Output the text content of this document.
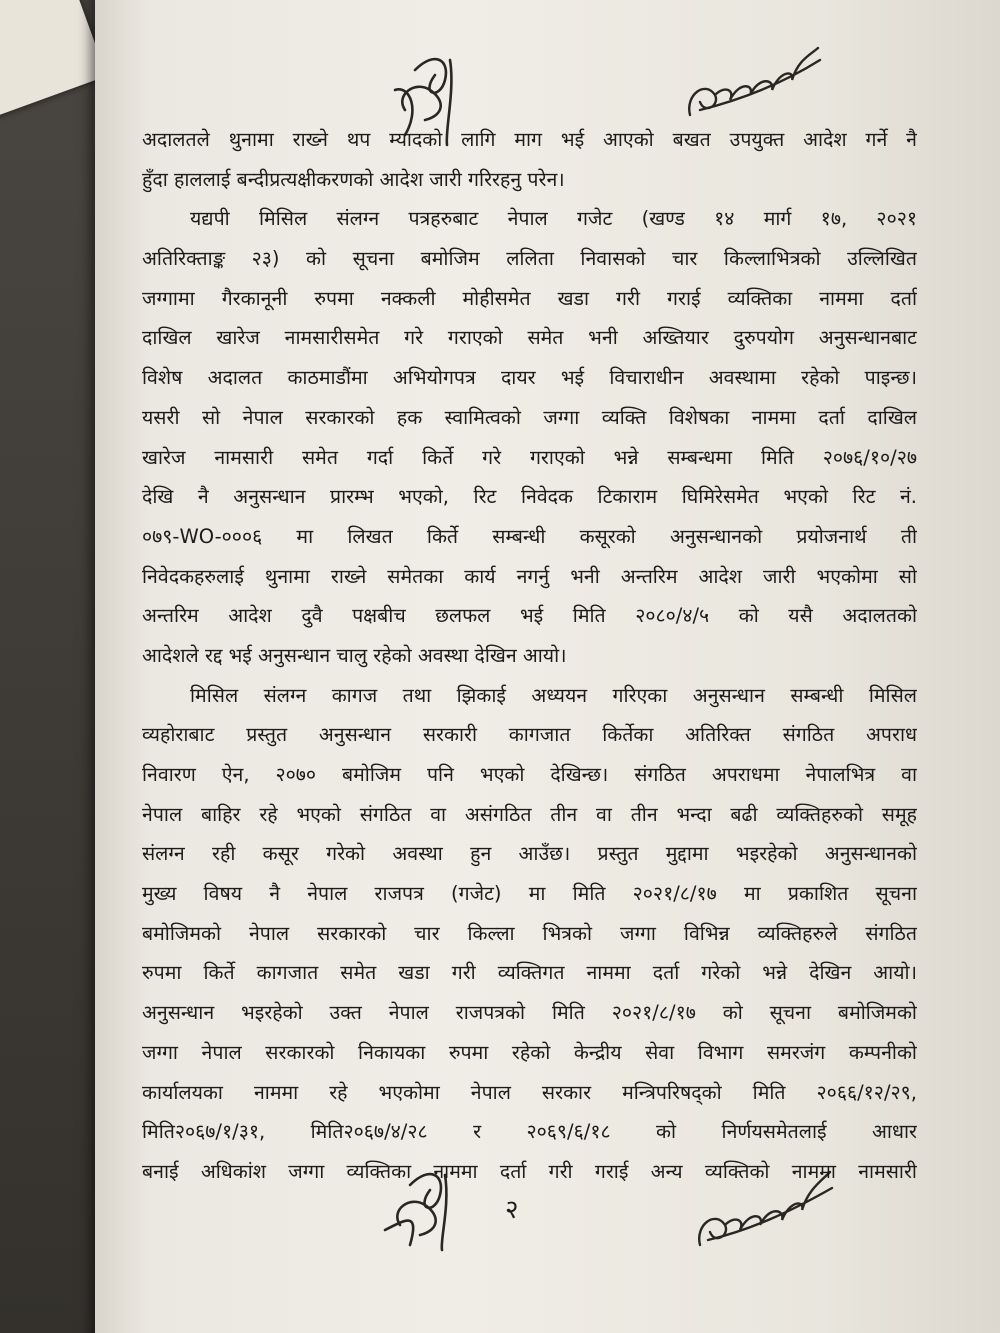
अदालतले थुनामा राख्ने थप म्यादको लागि माग भई आएको बखत उपयुक्त आदेश गर्ने नै
हुँदा हाललाई बन्दीप्रत्यक्षीकरणको आदेश जारी गरिरहनु परेन।
यद्यपी मिसिल संलग्न पत्रहरुबाट नेपाल गजेट (खण्ड १४ मार्ग १७, २०२१
अतिरिक्ताङ्क २३) को सूचना बमोजिम ललिता निवासको चार किल्लाभित्रको उल्लिखित
जग्गामा गैरकानूनी रुपमा नक्कली मोहीसमेत खडा गरी गराई व्यक्तिका नाममा दर्ता
दाखिल खारेज नामसारीसमेत गरे गराएको समेत भनी अख्तियार दुरुपयोग अनुसन्धानबाट
विशेष अदालत काठमाडौंमा अभियोगपत्र दायर भई विचाराधीन अवस्थामा रहेको पाइन्छ।
यसरी सो नेपाल सरकारको हक स्वामित्वको जग्गा व्यक्ति विशेषका नाममा दर्ता दाखिल
खारेज नामसारी समेत गर्दा किर्ते गरे गराएको भन्ने सम्बन्धमा मिति २०७६/१०/२७
देखि नै अनुसन्धान प्रारम्भ भएको, रिट निवेदक टिकाराम घिमिरेसमेत भएको रिट नं.
०७९-WO-०००६ मा लिखत किर्ते सम्बन्धी कसूरको अनुसन्धानको प्रयोजनार्थ ती
निवेदकहरुलाई थुनामा राख्ने समेतका कार्य नगर्नु भनी अन्तरिम आदेश जारी भएकोमा सो
अन्तरिम आदेश दुवै पक्षबीच छलफल भई मिति २०८०/४/५ को यसै अदालतको
आदेशले रद्द भई अनुसन्धान चालु रहेको अवस्था देखिन आयो।
मिसिल संलग्न कागज तथा झिकाई अध्ययन गरिएका अनुसन्धान सम्बन्धी मिसिल
व्यहोराबाट प्रस्तुत अनुसन्धान सरकारी कागजात किर्तेका अतिरिक्त संगठित अपराध
निवारण ऐन, २०७० बमोजिम पनि भएको देखिन्छ। संगठित अपराधमा नेपालभित्र वा
नेपाल बाहिर रहे भएको संगठित वा असंगठित तीन वा तीन भन्दा बढी व्यक्तिहरुको समूह
संलग्न रही कसूर गरेको अवस्था हुन आउँछ। प्रस्तुत मुद्दामा भइरहेको अनुसन्धानको
मुख्य विषय नै नेपाल राजपत्र (गजेट) मा मिति २०२१/८/१७ मा प्रकाशित सूचना
बमोजिमको नेपाल सरकारको चार किल्ला भित्रको जग्गा विभिन्न व्यक्तिहरुले संगठित
रुपमा किर्ते कागजात समेत खडा गरी व्यक्तिगत नाममा दर्ता गरेको भन्ने देखिन आयो।
अनुसन्धान भइरहेको उक्त नेपाल राजपत्रको मिति २०२१/८/१७ को सूचना बमोजिमको
जग्गा नेपाल सरकारको निकायका रुपमा रहेको केन्द्रीय सेवा विभाग समरजंग कम्पनीको
कार्यालयका नाममा रहे भएकोमा नेपाल सरकार मन्त्रिपरिषद्को मिति २०६६/१२/२९,
मिति२०६७/१/३१, मिति२०६७/४/२८ र २०६९/६/१८ को निर्णयसमेतलाई आधार
बनाई अधिकांश जग्गा व्यक्तिका नाममा दर्ता गरी गराई अन्य व्यक्तिको नाममा नामसारी
२
